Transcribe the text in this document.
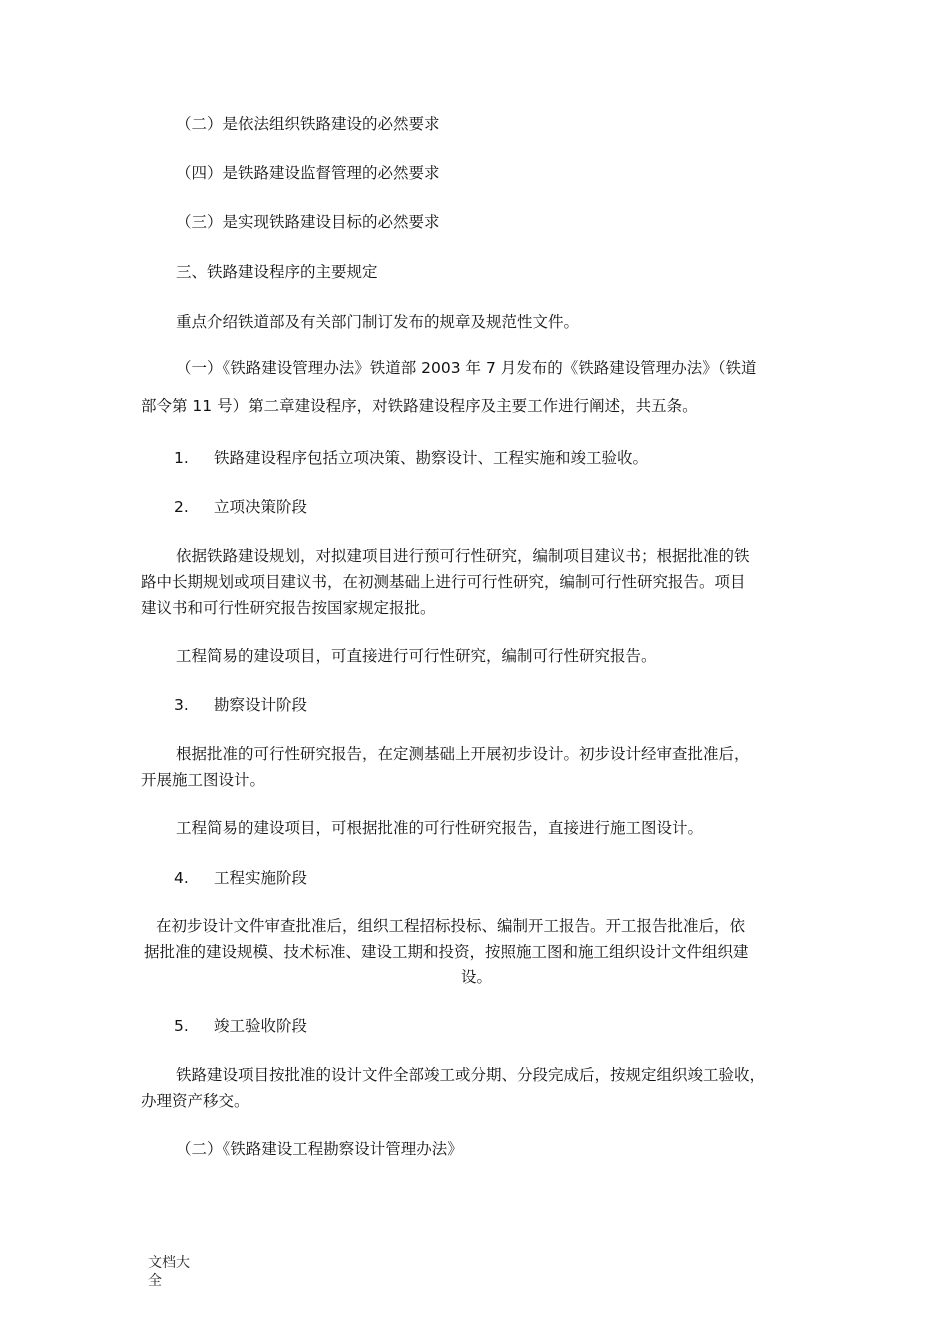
（二）是依法组织铁路建设的必然要求
（四）是铁路建设监督管理的必然要求
（三）是实现铁路建设目标的必然要求
三、铁路建设程序的主要规定
重点介绍铁道部及有关部门制订发布的规章及规范性文件。
（一）《铁路建设管理办法》铁道部 2003 年 7 月发布的《铁路建设管理办法》（铁道
部令第 11 号）第二章建设程序，对铁路建设程序及主要工作进行阐述，共五条。
1. 铁路建设程序包括立项决策、勘察设计、工程实施和竣工验收。
2. 立项决策阶段
依据铁路建设规划，对拟建项目进行预可行性研究，编制项目建议书；根据批准的铁
路中长期规划或项目建议书，在初测基础上进行可行性研究，编制可行性研究报告。项目
建议书和可行性研究报告按国家规定报批。
工程简易的建设项目，可直接进行可行性研究，编制可行性研究报告。
3. 勘察设计阶段
根据批准的可行性研究报告，在定测基础上开展初步设计。初步设计经审查批准后，
开展施工图设计。
工程简易的建设项目，可根据批准的可行性研究报告，直接进行施工图设计。
4. 工程实施阶段
在初步设计文件审查批准后，组织工程招标投标、编制开工报告。开工报告批准后，依
据批准的建设规模、技术标准、建设工期和投资，按照施工图和施工组织设计文件组织建
设。
5. 竣工验收阶段
铁路建设项目按批准的设计文件全部竣工或分期、分段完成后，按规定组织竣工验收，
办理资产移交。
（二）《铁路建设工程勘察设计管理办法》
文档大
全
